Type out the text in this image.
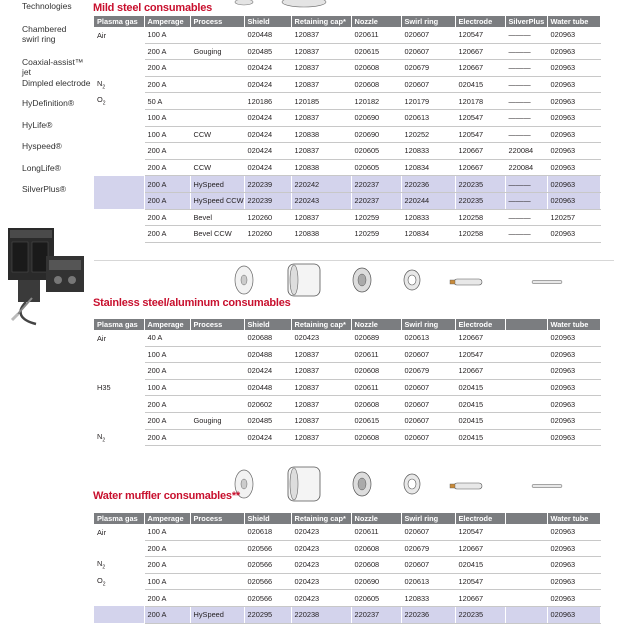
Technologies
Chambered
swirl ring
Coaxial-assist™ jet
Dimpled electrode
HyDefinition®
HyLife®
Hyspeed®
LongLife®
SilverPlus®
Mild steel consumables
Plasma gas	Amperage	Process	Shield	Retaining cap*	Nozzle	Swirl ring	Electrode	SilverPlus	Water tube
Air	100 A		020448	120837	020611	020607	120547	———	020963
	200 A	Gouging	020485	120837	020615	020607	120667	———	020963
	200 A		020424	120837	020608	020679	120667	———	020963
$N_2$	200 A		020424	120837	020608	020607	020415	———	020963
$O_2$	50 A		120186	120185	120182	120179	120178	———	020963
	100 A		020424	120837	020690	020613	120547	———	020963
	100 A	CCW	020424	120838	020690	120252	120547	———	020963
	200 A		020424	120837	020605	120833	120667	220084	020963
	200 A	CCW	020424	120838	020605	120834	120667	220084	020963
	200 A	HySpeed	220239	220242	220237	220236	220235	———	020963
	200 A	HySpeed CCW	220239	220243	220237	220244	220235	———	020963
	200 A	Bevel	120260	120837	120259	120833	120258	———	120257
	200 A	Bevel CCW	120260	120838	120259	120834	120258	———	020963
Stainless steel/aluminum consumables
Plasma gas	Amperage	Process	Shield	Retaining cap*	Nozzle	Swirl ring	Electrode		Water tube
Air	40 A		020688	020423	020689	020613	120667		020963
	100 A		020488	120837	020611	020607	120547		020963
	200 A		020424	120837	020608	020679	120667		020963
H35	100 A		020448	120837	020611	020607	020415		020963
	200 A		020602	120837	020608	020607	020415		020963
	200 A	Gouging	020485	120837	020615	020607	020415		020963
$N_2$	200 A		020424	120837	020608	020607	020415		020963
Water muffler consumables**
Plasma gas	Amperage	Process	Shield	Retaining cap*	Nozzle	Swirl ring	Electrode		Water tube
Air	100 A		020618	020423	020611	020607	120547		020963
	200 A		020566	020423	020608	020679	120667		020963
$N_2$	200 A		020566	020423	020608	020607	020415		020963
$O_2$	100 A		020566	020423	020690	020613	120547		020963
	200 A		020566	020423	020605	120833	120667		020963
	200 A	HySpeed	220295	220238	220237	220236	220235		020963
